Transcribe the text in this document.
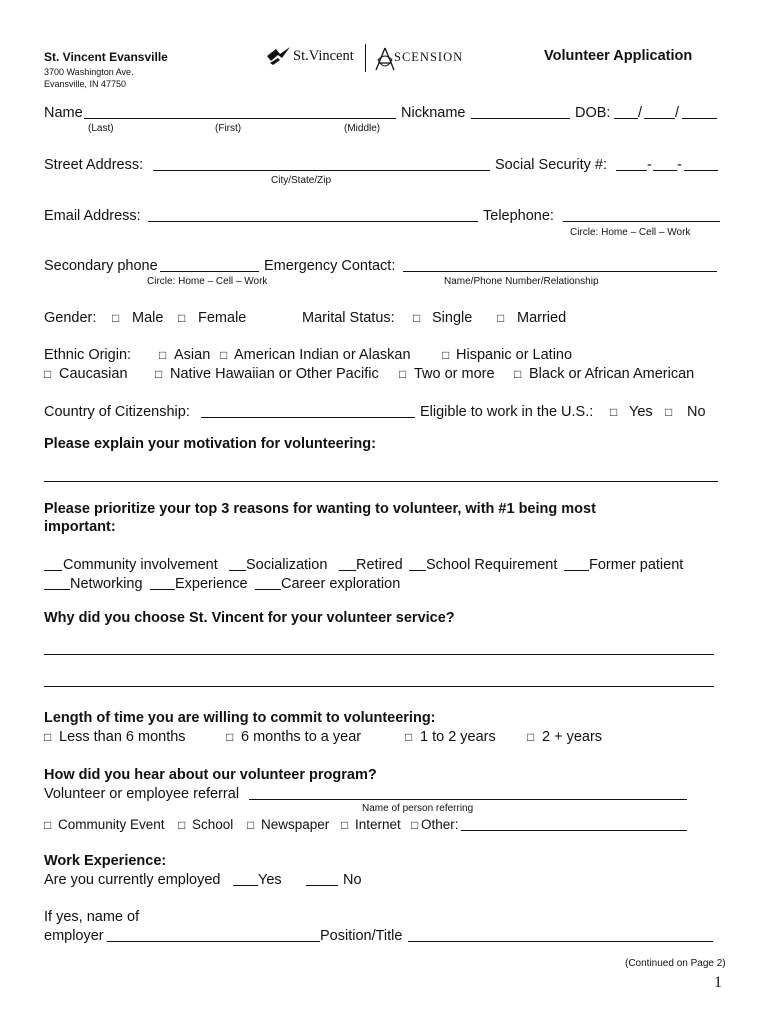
St. Vincent Evansville
3700 Washington Ave.
Evansville, IN 47750
St.Vincent	SCENSION	Volunteer Application
Name	Nickname	DOB: / /
(Last)	(First)	(Middle)
Street Address:
City/State/Zip
Social Security #:	- -
Email Address:	Telephone:
Circle: Home – Cell – Work
Secondary phone
Circle: Home – Cell – Work
Emergency Contact:
Name/Phone Number/Relationship
Gender: □ Male □ Female	Marital Status: □ Single □ Married
Ethnic Origin: □ Asian □ American Indian or Alaskan	□ Hispanic or Latino
□ Caucasian □ Native Hawaiian or Other Pacific □ Two or more □ Black or African American
Country of Citizenship:	Eligible to work in the U.S.: □ Yes □ No
Please explain your motivation for volunteering:
Please prioritize your top 3 reasons for wanting to volunteer, with #1 being most
important:
Community involvement Socialization Retired School Requirement Former patient
Networking Experience Career exploration
Why did you choose St. Vincent for your volunteer service?
Length of time you are willing to commit to volunteering:
□ Less than 6 months	□ 6 months to a year	□ 1 to 2 years	□ 2 + years
How did you hear about our volunteer program?
Volunteer or employee referral
Name of person referring
□ Community Event □ School □ Newspaper □ Internet □ Other:
Work Experience:
Are you currently employed	Yes	No
If yes, name of
employer	Position/Title
(Continued on Page 2)
1
